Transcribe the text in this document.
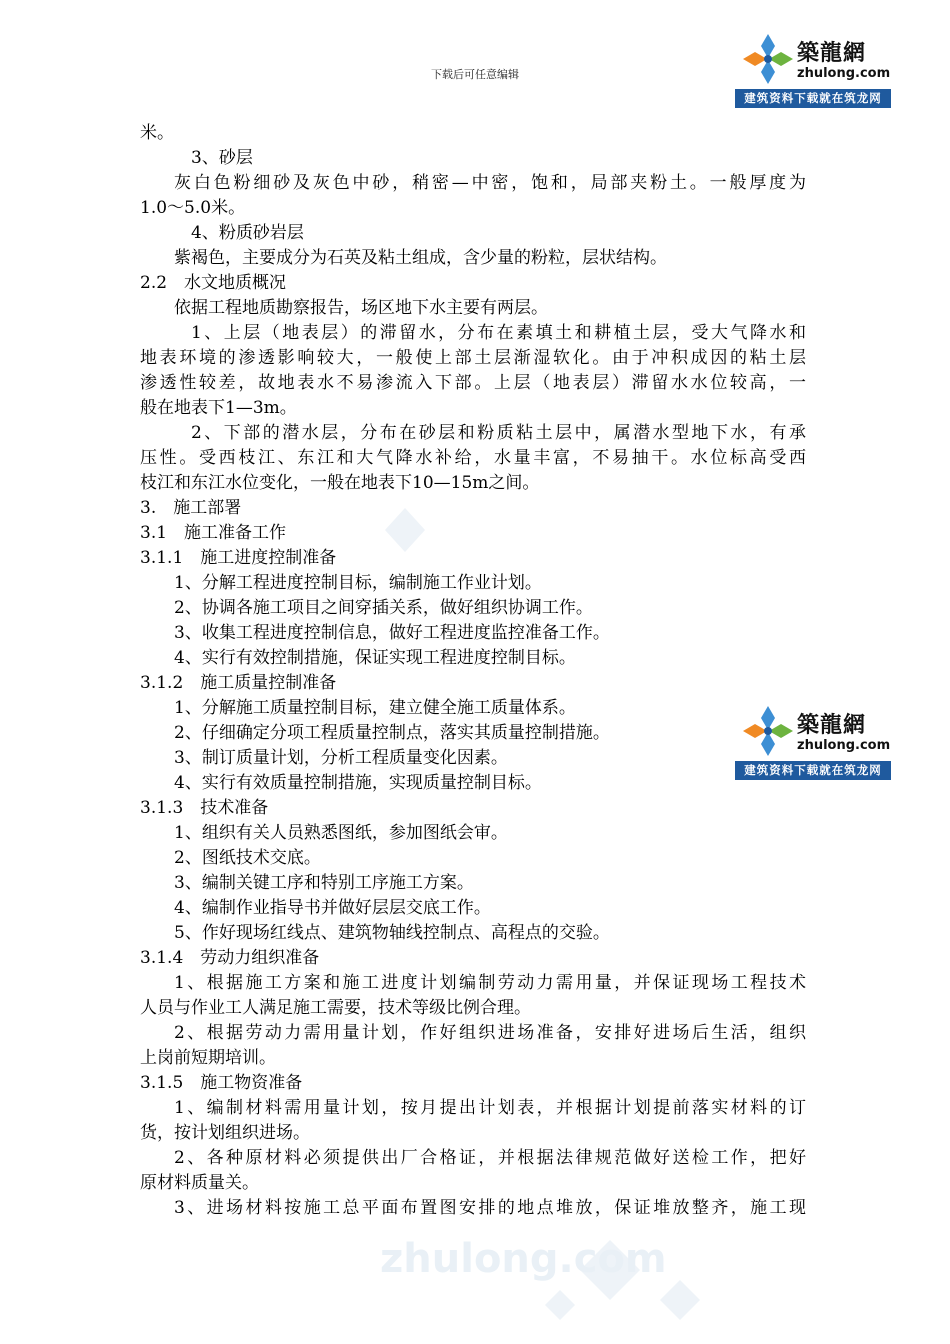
下载后可任意编辑
築龍網
zhulong.com
建筑资料下载就在筑龙网
築龍網
zhulong.com
建筑资料下载就在筑龙网
zhulong.com
米。
3、砂层
灰白色粉细砂及灰色中砂，稍密—中密，饱和，局部夹粉土。一般厚度为
1.0～5.0米。
4、粉质砂岩层
紫褐色，主要成分为石英及粘土组成，含少量的粉粒，层状结构。
2.2　水文地质概况
依据工程地质勘察报告，场区地下水主要有两层。
1、上层（地表层）的滞留水，分布在素填土和耕植土层，受大气降水和
地表环境的渗透影响较大，一般使上部土层渐湿软化。由于冲积成因的粘土层
渗透性较差，故地表水不易渗流入下部。上层（地表层）滞留水水位较高，一
般在地表下1—3m。
2、下部的潜水层，分布在砂层和粉质粘土层中，属潜水型地下水，有承
压性。受西枝江、东江和大气降水补给，水量丰富，不易抽干。水位标高受西
枝江和东江水位变化，一般在地表下10—15m之间。
3.　施工部署
3.1　施工准备工作
3.1.1　施工进度控制准备
1、分解工程进度控制目标，编制施工作业计划。
2、协调各施工项目之间穿插关系，做好组织协调工作。
3、收集工程进度控制信息，做好工程进度监控准备工作。
4、实行有效控制措施，保证实现工程进度控制目标。
3.1.2　施工质量控制准备
1、分解施工质量控制目标，建立健全施工质量体系。
2、仔细确定分项工程质量控制点，落实其质量控制措施。
3、制订质量计划，分析工程质量变化因素。
4、实行有效质量控制措施，实现质量控制目标。
3.1.3　技术准备
1、组织有关人员熟悉图纸，参加图纸会审。
2、图纸技术交底。
3、编制关键工序和特别工序施工方案。
4、编制作业指导书并做好层层交底工作。
5、作好现场红线点、建筑物轴线控制点、高程点的交验。
3.1.4　劳动力组织准备
1、根据施工方案和施工进度计划编制劳动力需用量，并保证现场工程技术
人员与作业工人满足施工需要，技术等级比例合理。
2、根据劳动力需用量计划，作好组织进场准备，安排好进场后生活，组织
上岗前短期培训。
3.1.5　施工物资准备
1、编制材料需用量计划，按月提出计划表，并根据计划提前落实材料的订
货，按计划组织进场。
2、各种原材料必须提供出厂合格证，并根据法律规范做好送检工作，把好
原材料质量关。
3、进场材料按施工总平面布置图安排的地点堆放，保证堆放整齐，施工现
